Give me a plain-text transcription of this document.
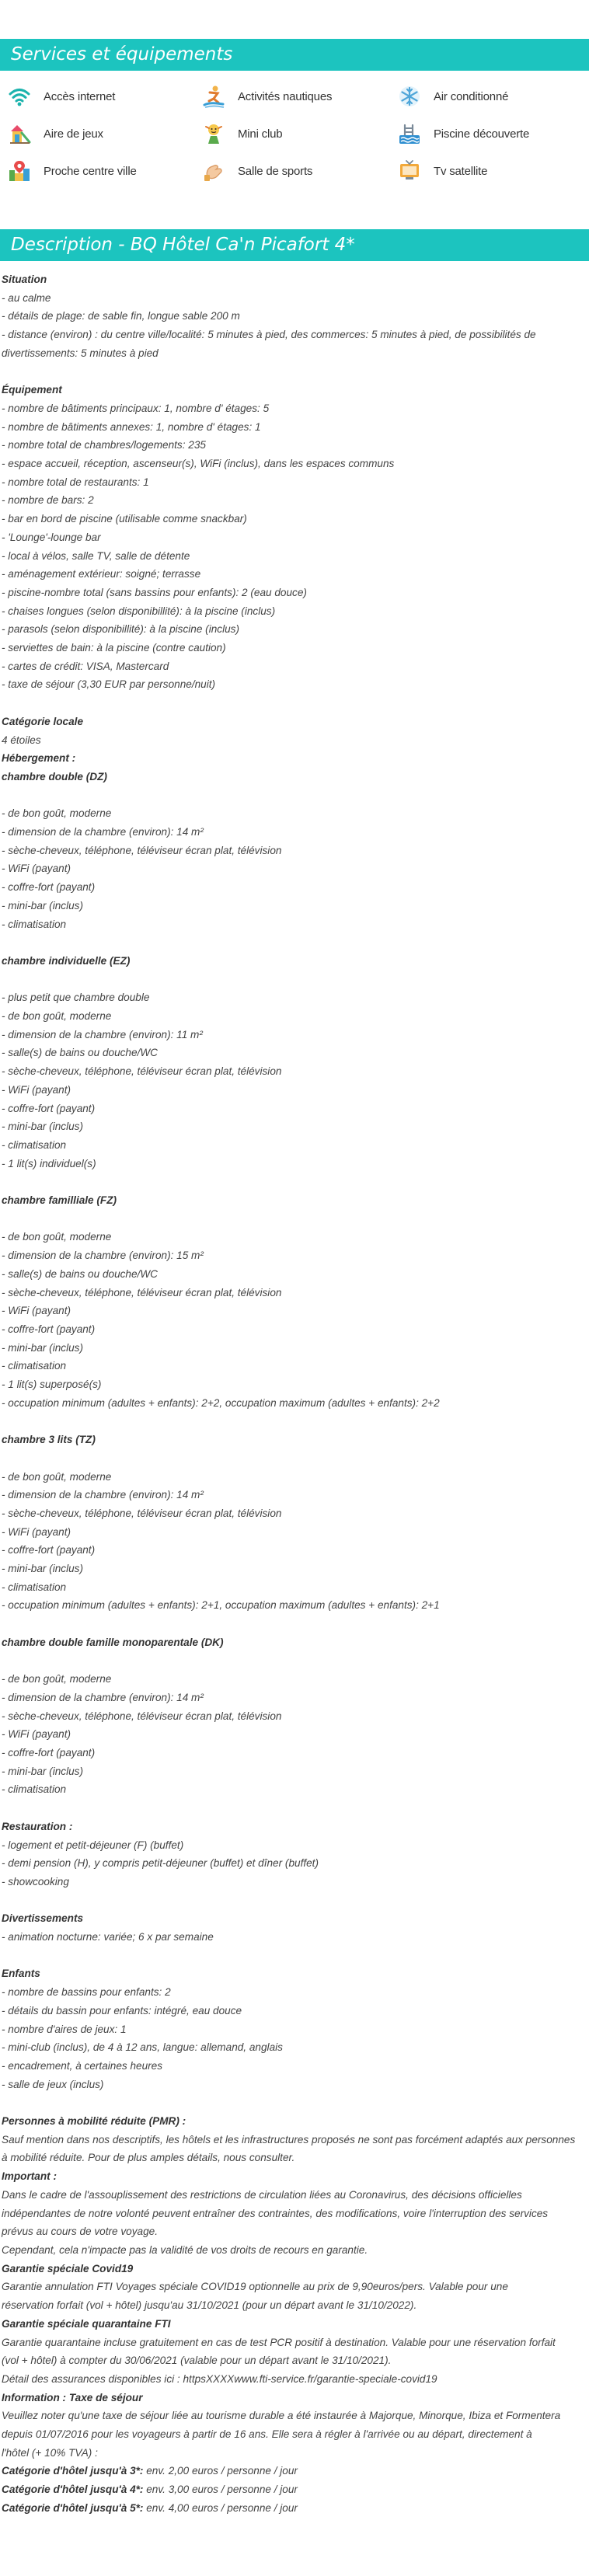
Services et équipements
Accès internet	Activités nautiques	Air conditionné
Aire de jeux	Mini club	Piscine découverte
Proche centre ville	Salle de sports	Tv satellite
Description - BQ Hôtel Ca'n Picafort 4*
Situation
- au calme
- détails de plage: de sable fin, longue sable 200 m
- distance (environ) : du centre ville/localité: 5 minutes à pied, des commerces: 5 minutes à pied, de possibilités de
divertissements: 5 minutes à pied
Équipement
- nombre de bâtiments principaux: 1, nombre d' étages: 5
- nombre de bâtiments annexes: 1, nombre d' étages: 1
- nombre total de chambres/logements: 235
- espace accueil, réception, ascenseur(s), WiFi (inclus), dans les espaces communs
- nombre total de restaurants: 1
- nombre de bars: 2
- bar en bord de piscine (utilisable comme snackbar)
- 'Lounge'-lounge bar
- local à vélos, salle TV, salle de détente
- aménagement extérieur: soigné; terrasse
- piscine-nombre total (sans bassins pour enfants): 2 (eau douce)
- chaises longues (selon disponibillité): à la piscine (inclus)
- parasols (selon disponibillité): à la piscine (inclus)
- serviettes de bain: à la piscine (contre caution)
- cartes de crédit: VISA, Mastercard
- taxe de séjour (3,30 EUR par personne/nuit)
Catégorie locale
4 étoiles
Hébergement :
chambre double (DZ)
- de bon goût, moderne
- dimension de la chambre (environ): 14 m²
- sèche-cheveux, téléphone, téléviseur écran plat, télévision
- WiFi (payant)
- coffre-fort (payant)
- mini-bar (inclus)
- climatisation
chambre individuelle (EZ)
- plus petit que chambre double
- de bon goût, moderne
- dimension de la chambre (environ): 11 m²
- salle(s) de bains ou douche/WC
- sèche-cheveux, téléphone, téléviseur écran plat, télévision
- WiFi (payant)
- coffre-fort (payant)
- mini-bar (inclus)
- climatisation
- 1 lit(s) individuel(s)
chambre familliale (FZ)
- de bon goût, moderne
- dimension de la chambre (environ): 15 m²
- salle(s) de bains ou douche/WC
- sèche-cheveux, téléphone, téléviseur écran plat, télévision
- WiFi (payant)
- coffre-fort (payant)
- mini-bar (inclus)
- climatisation
- 1 lit(s) superposé(s)
- occupation minimum (adultes + enfants): 2+2, occupation maximum (adultes + enfants): 2+2
chambre 3 lits (TZ)
- de bon goût, moderne
- dimension de la chambre (environ): 14 m²
- sèche-cheveux, téléphone, téléviseur écran plat, télévision
- WiFi (payant)
- coffre-fort (payant)
- mini-bar (inclus)
- climatisation
- occupation minimum (adultes + enfants): 2+1, occupation maximum (adultes + enfants): 2+1
chambre double famille monoparentale (DK)
- de bon goût, moderne
- dimension de la chambre (environ): 14 m²
- sèche-cheveux, téléphone, téléviseur écran plat, télévision
- WiFi (payant)
- coffre-fort (payant)
- mini-bar (inclus)
- climatisation
Restauration :
- logement et petit-déjeuner (F) (buffet)
- demi pension (H), y compris petit-déjeuner (buffet) et dîner (buffet)
- showcooking
Divertissements
- animation nocturne: variée; 6 x par semaine
Enfants
- nombre de bassins pour enfants: 2
- détails du bassin pour enfants: intégré, eau douce
- nombre d'aires de jeux: 1
- mini-club (inclus), de 4 à 12 ans, langue: allemand, anglais
- encadrement, à certaines heures
- salle de jeux (inclus)
Personnes à mobilité réduite (PMR) :
Sauf mention dans nos descriptifs, les hôtels et les infrastructures proposés ne sont pas forcément adaptés aux personnes
à mobilité réduite. Pour de plus amples détails, nous consulter.
Important :
Dans le cadre de l'assouplissement des restrictions de circulation liées au Coronavirus, des décisions officielles
indépendantes de notre volonté peuvent entraîner des contraintes, des modifications, voire l'interruption des services
prévus au cours de votre voyage.
Cependant, cela n'impacte pas la validité de vos droits de recours en garantie.
Garantie spéciale Covid19
Garantie annulation FTI Voyages spéciale COVID19 optionnelle au prix de 9,90euros/pers. Valable pour une
réservation forfait (vol + hôtel) jusqu'au 31/10/2021 (pour un départ avant le 31/10/2022).
Garantie spéciale quarantaine FTI
Garantie quarantaine incluse gratuitement en cas de test PCR positif à destination. Valable pour une réservation forfait
(vol + hôtel) à compter du 30/06/2021 (valable pour un départ avant le 31/10/2021).
Détail des assurances disponibles ici : httpsXXXXwww.fti-service.fr/garantie-speciale-covid19
Information : Taxe de séjour
Veuillez noter qu'une taxe de séjour liée au tourisme durable a été instaurée à Majorque, Minorque, Ibiza et Formentera
depuis 01/07/2016 pour les voyageurs à partir de 16 ans. Elle sera à régler à l'arrivée ou au départ, directement à
l'hôtel (+ 10% TVA) :
Catégorie d'hôtel jusqu'à 3*: env. 2,00 euros / personne / jour
Catégorie d'hôtel jusqu'à 4*: env. 3,00 euros / personne / jour
Catégorie d'hôtel jusqu'à 5*: env. 4,00 euros / personne / jour
